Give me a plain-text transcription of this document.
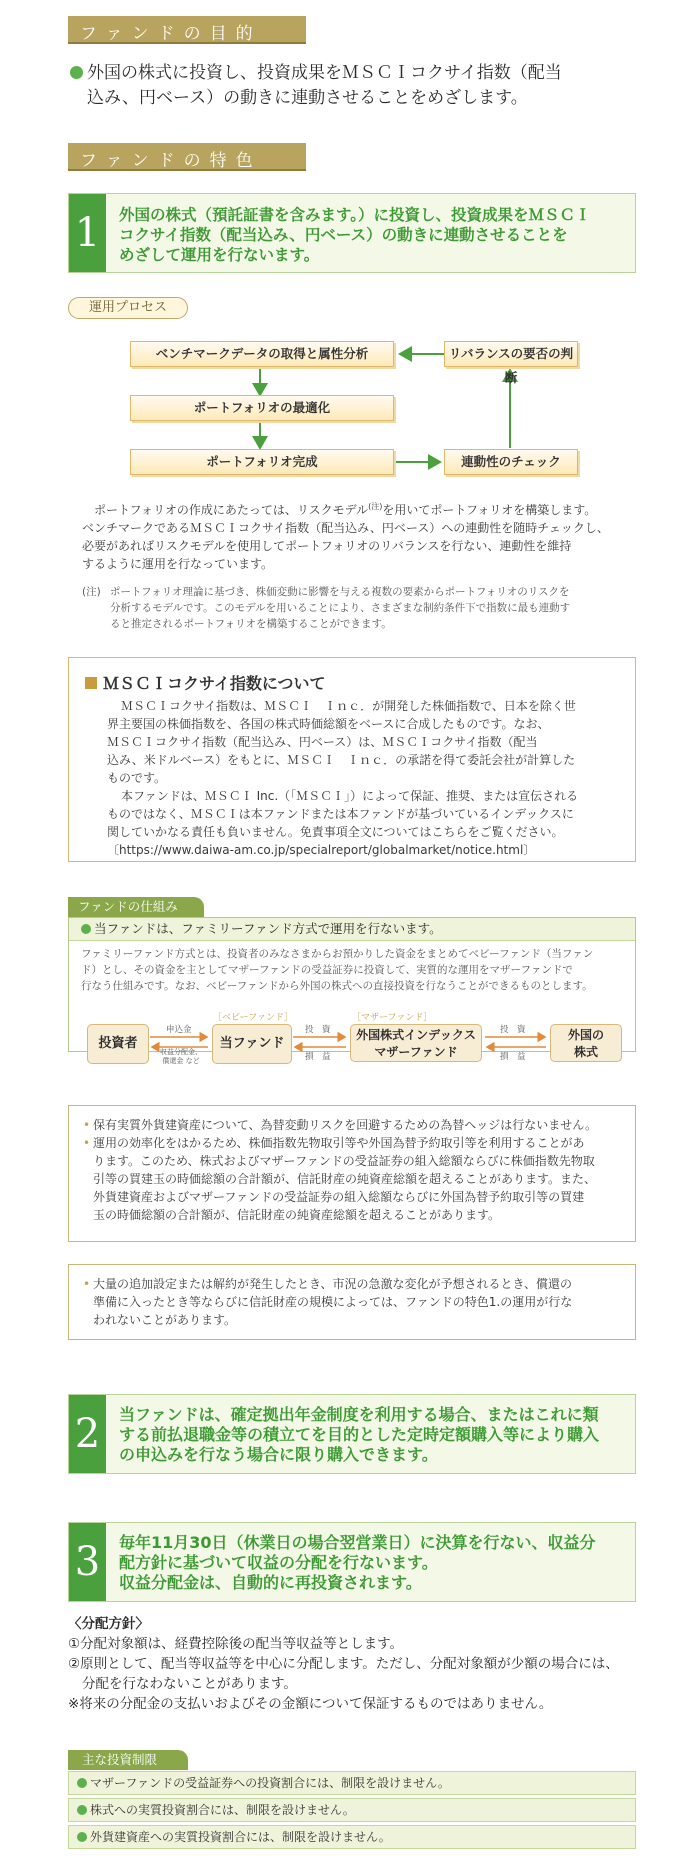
ファンドの目的
外国の株式に投資し、投資成果をＭＳＣＩコクサイ指数（配当
込み、円ベース）の動きに連動させることをめざします。
ファンドの特色
1	外国の株式（預託証書を含みます。）に投資し、投資成果をＭＳＣＩ
コクサイ指数（配当込み、円ベース）の動きに連動させることを
めざして運用を行ないます。
運用プロセス
ベンチマークデータの取得と属性分析	リバランスの要否の判断
ポートフォリオの最適化
ポートフォリオ完成	連動性のチェック
ポートフォリオの作成にあたっては、リスクモデル$^{(注)}$を用いてポートフォリオを構築します。
ベンチマークであるＭＳＣＩコクサイ指数（配当込み、円ベース）への連動性を随時チェックし、
必要があればリスクモデルを使用してポートフォリオのリバランスを行ない、連動性を維持
するように運用を行なっています。
(注) ポートフォリオ理論に基づき、株価変動に影響を与える複数の要素からポートフォリオのリスクを
分析するモデルです。このモデルを用いることにより、さまざまな制約条件下で指数に最も連動す
ると推定されるポートフォリオを構築することができます。
ＭＳＣＩコクサイ指数について
ＭＳＣＩコクサイ指数は、ＭＳＣＩ　Ｉｎｃ．が開発した株価指数で、日本を除く世
界主要国の株価指数を、各国の株式時価総額をベースに合成したものです。なお、
ＭＳＣＩコクサイ指数（配当込み、円ベース）は、ＭＳＣＩコクサイ指数（配当
込み、米ドルベース）をもとに、ＭＳＣＩ　Ｉｎｃ．の承諾を得て委託会社が計算した
ものです。
本ファンドは、ＭＳＣＩ Inc.（「ＭＳＣＩ」）によって保証、推奨、または宣伝される
ものではなく、ＭＳＣＩは本ファンドまたは本ファンドが基づいているインデックスに
関していかなる責任も負いません。免責事項全文についてはこちらをご覧ください。
〔https://www.daiwa-am.co.jp/specialreport/globalmarket/notice.html〕
ファンドの仕組み
当ファンドは、ファミリーファンド方式で運用を行ないます。
ファミリーファンド方式とは、投資者のみなさまからお預かりした資金をまとめてベビーファンド（当ファン
ド）とし、その資金を主としてマザーファンドの受益証券に投資して、実質的な運用をマザーファンドで
行なう仕組みです。なお、ベビーファンドから外国の株式への直接投資を行なうことができるものとします。
投資者
［ベビーファンド］
当ファンド
［マザーファンド］
外国株式インデックス
マザーファンド
外国の
株式
申込金
収益分配金、
償還金 など
投　資
損　益
投　資
損　益
• 保有実質外貨建資産について、為替変動リスクを回避するための為替ヘッジは行ないません。
• 運用の効率化をはかるため、株価指数先物取引等や外国為替予約取引等を利用することがあ
ります。このため、株式およびマザーファンドの受益証券の組入総額ならびに株価指数先物取
引等の買建玉の時価総額の合計額が、信託財産の純資産総額を超えることがあります。また、
外貨建資産およびマザーファンドの受益証券の組入総額ならびに外国為替予約取引等の買建
玉の時価総額の合計額が、信託財産の純資産総額を超えることがあります。
• 大量の追加設定または解約が発生したとき、市況の急激な変化が予想されるとき、償還の
準備に入ったとき等ならびに信託財産の規模によっては、ファンドの特色1.の運用が行な
われないことがあります。
2	当ファンドは、確定拠出年金制度を利用する場合、またはこれに類
する前払退職金等の積立てを目的とした定時定額購入等により購入
の申込みを行なう場合に限り購入できます。
3	毎年11月30日（休業日の場合翌営業日）に決算を行ない、収益分
配方針に基づいて収益の分配を行ないます。
収益分配金は、自動的に再投資されます。
〈分配方針〉
①分配対象額は、経費控除後の配当等収益等とします。
②原則として、配当等収益等を中心に分配します。ただし、分配対象額が少額の場合には、
分配を行なわないことがあります。
※将来の分配金の支払いおよびその金額について保証するものではありません。
主な投資制限
マザーファンドの受益証券への投資割合には、制限を設けません。
株式への実質投資割合には、制限を設けません。
外貨建資産への実質投資割合には、制限を設けません。
